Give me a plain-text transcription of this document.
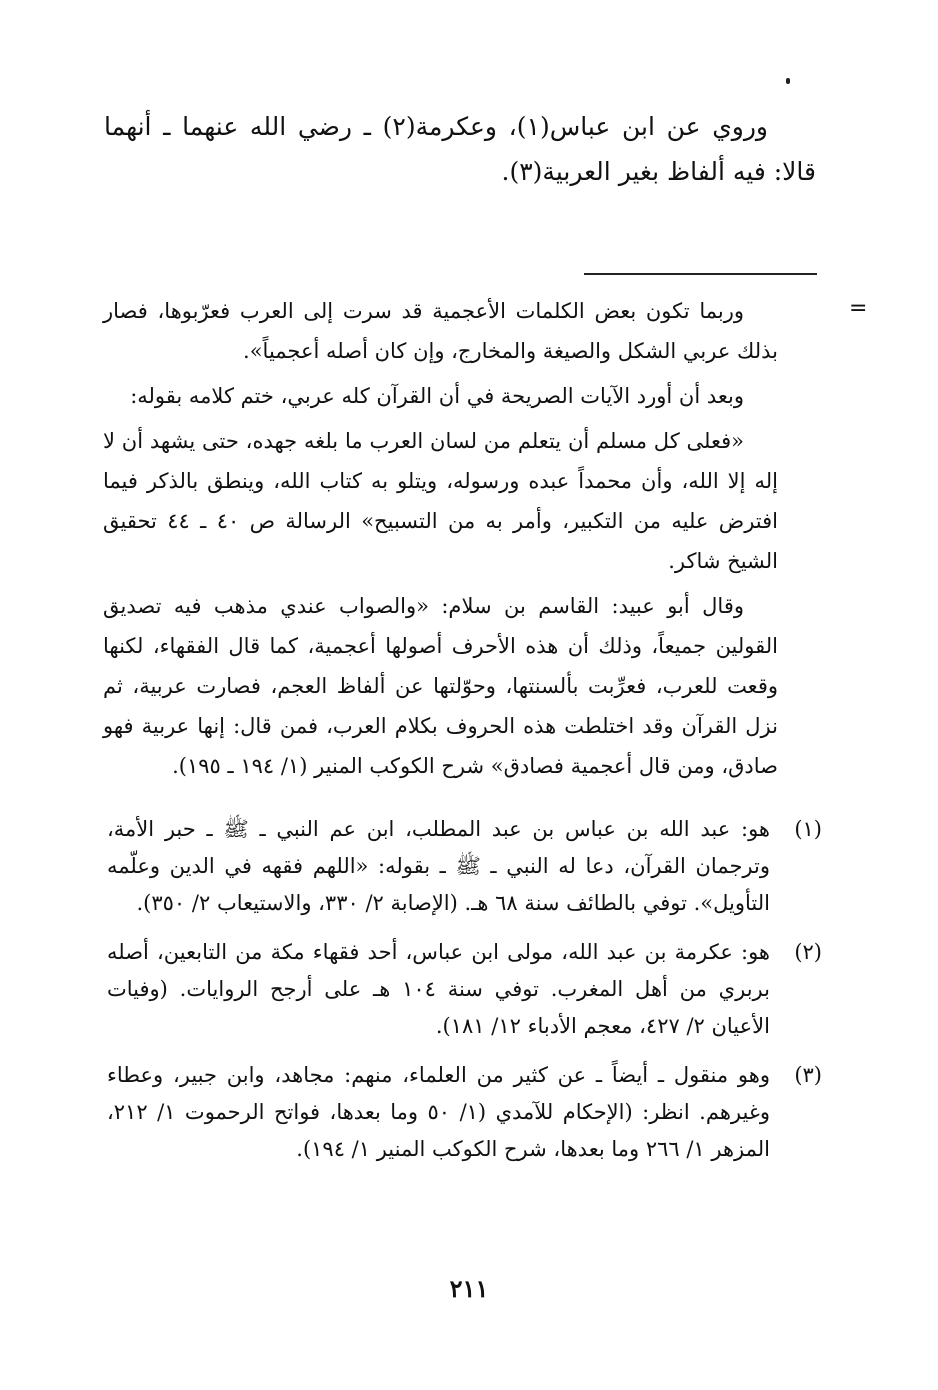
وروي عن ابن عباس(١)، وعكرمة(٢) ـ رضي الله عنهما ـ أنهما قالا: فيه ألفاظ بغير العربية(٣).

=

وربما تكون بعض الكلمات الأعجمية قد سرت إلى العرب فعرّبوها، فصار بذلك عربي الشكل والصيغة والمخارج، وإن كان أصله أعجمياً».

وبعد أن أورد الآيات الصريحة في أن القرآن كله عربي، ختم كلامه بقوله:

«فعلى كل مسلم أن يتعلم من لسان العرب ما بلغه جهده، حتى يشهد أن لا إله إلا الله، وأن محمداً عبده ورسوله، ويتلو به كتاب الله، وينطق بالذكر فيما افترض عليه من التكبير، وأمر به من التسبيح» الرسالة ص ٤٠ ـ ٤٤ تحقيق الشيخ شاكر.

وقال أبو عبيد: القاسم بن سلام: «والصواب عندي مذهب فيه تصديق القولين جميعاً، وذلك أن هذه الأحرف أصولها أعجمية، كما قال الفقهاء، لكنها وقعت للعرب، فعرِّبت بألسنتها، وحوّلتها عن ألفاظ العجم، فصارت عربية، ثم نزل القرآن وقد اختلطت هذه الحروف بكلام العرب، فمن قال: إنها عربية فهو صادق، ومن قال أعجمية فصادق» شرح الكوكب المنير (١/ ١٩٤ ـ ١٩٥).

(١)
هو: عبد الله بن عباس بن عبد المطلب، ابن عم النبي ـ ﷺ ـ حبر الأمة، وترجمان القرآن، دعا له النبي ـ ﷺ ـ بقوله: «اللهم فقهه في الدين وعلّمه التأويل». توفي بالطائف سنة ٦٨ هـ. (الإصابة ٢/ ٣٣٠، والاستيعاب ٢/ ٣٥٠).
(٢)
هو: عكرمة بن عبد الله، مولى ابن عباس، أحد فقهاء مكة من التابعين، أصله بربري من أهل المغرب. توفي سنة ١٠٤ هـ على أرجح الروايات. (وفيات الأعيان ٢/ ٤٢٧، معجم الأدباء ١٢/ ١٨١).
(٣)
وهو منقول ـ أيضاً ـ عن كثير من العلماء، منهم: مجاهد، وابن جبير، وعطاء وغيرهم. انظر: (الإحكام للآمدي (١/ ٥٠ وما بعدها، فواتح الرحموت ١/ ٢١٢، المزهر ١/ ٢٦٦ وما بعدها، شرح الكوكب المنير ١/ ١٩٤).
٢١١
